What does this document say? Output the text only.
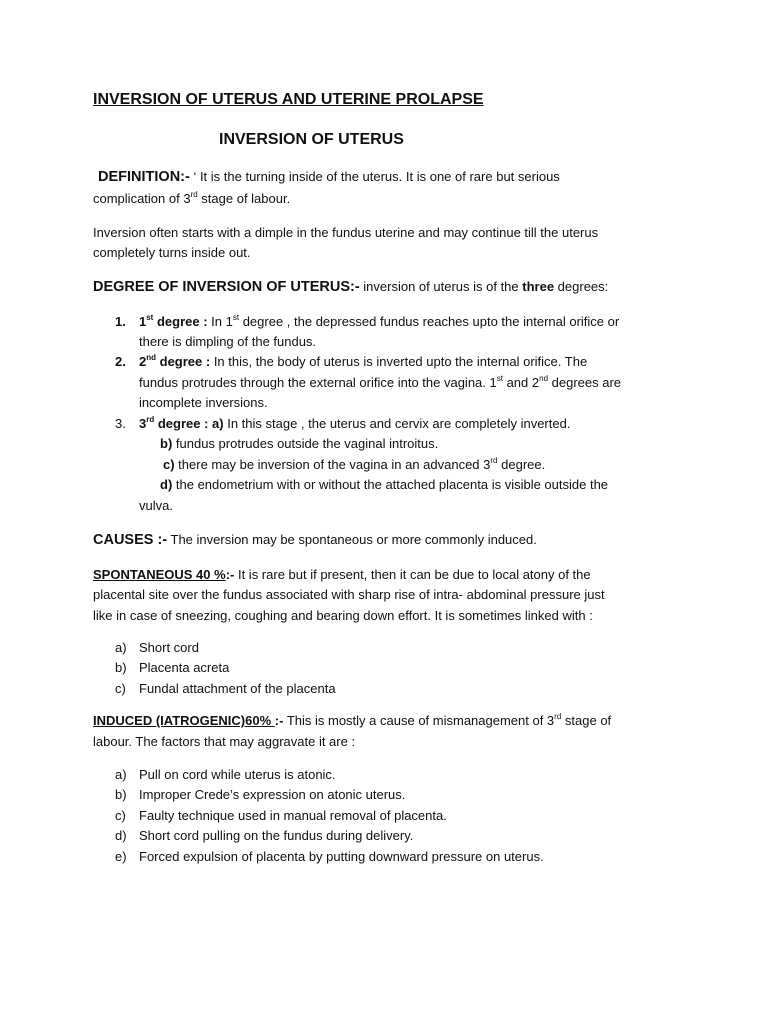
INVERSION OF UTERUS AND UTERINE PROLAPSE
INVERSION OF UTERUS
DEFINITION:- ‘ It is the turning inside of the uterus. It is one of rare but serious
complication of 3rd stage of labour.
Inversion often starts with a dimple in the fundus uterine and may continue till the uterus
completely turns inside out.
DEGREE OF INVERSION OF UTERUS:- inversion of uterus is of the three degrees:
1. 1st degree : In 1st degree , the depressed fundus reaches upto the internal orifice or
there is dimpling of the fundus.
2. 2nd degree : In this, the body of uterus is inverted upto the internal orifice. The
fundus protrudes through the external orifice into the vagina. 1st and 2nd degrees are
incomplete inversions.
3. 3rd degree : a) In this stage , the uterus and cervix are completely inverted.
b) fundus protrudes outside the vaginal introitus.
c) there may be inversion of the vagina in an advanced 3rd degree.
d) the endometrium with or without the attached placenta is visible outside the
vulva.
CAUSES :- The inversion may be spontaneous or more commonly induced.
SPONTANEOUS 40 %:- It is rare but if present, then it can be due to local atony of the
placental site over the fundus associated with sharp rise of intra- abdominal pressure just
like in case of sneezing, coughing and bearing down effort. It is sometimes linked with :
a) Short cord
b) Placenta acreta
c) Fundal attachment of the placenta
INDUCED (IATROGENIC)60% :- This is mostly a cause of mismanagement of 3rd stage of
labour. The factors that may aggravate it are :
a) Pull on cord while uterus is atonic.
b) Improper Crede’s expression on atonic uterus.
c) Faulty technique used in manual removal of placenta.
d) Short cord pulling on the fundus during delivery.
e) Forced expulsion of placenta by putting downward pressure on uterus.
